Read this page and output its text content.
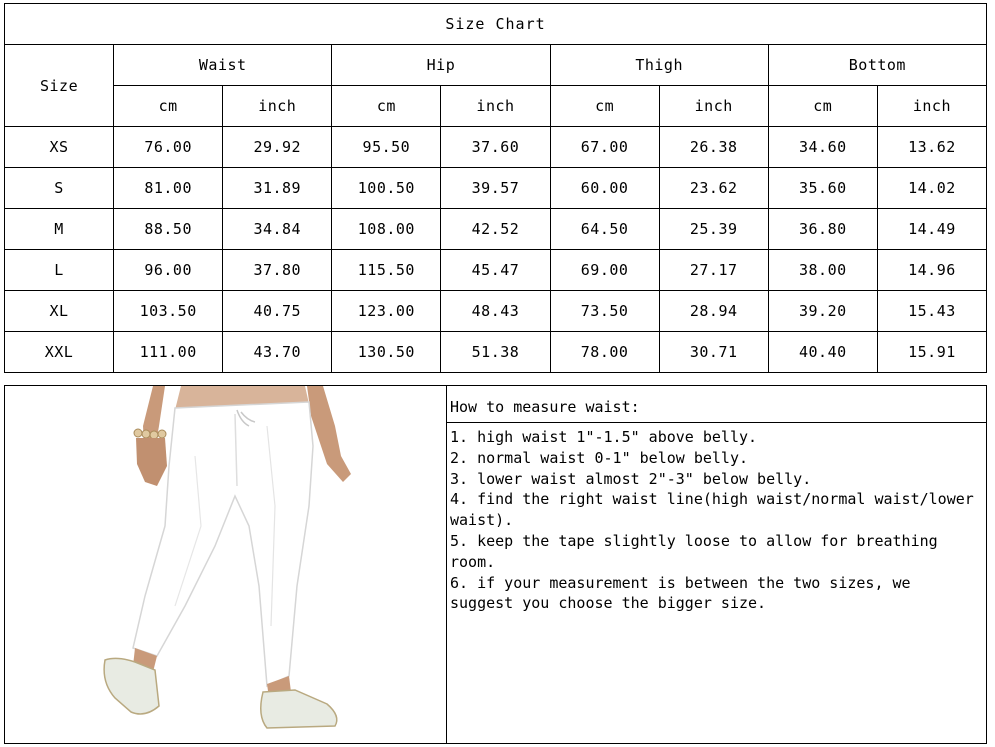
Size Chart								
Size	Waist		Hip		Thigh		Bottom	
	cm	inch	cm	inch	cm	inch	cm	inch
XS	76.00	29.92	95.50	37.60	67.00	26.38	34.60	13.62
S	81.00	31.89	100.50	39.57	60.00	23.62	35.60	14.02
M	88.50	34.84	108.00	42.52	64.50	25.39	36.80	14.49
L	96.00	37.80	115.50	45.47	69.00	27.17	38.00	14.96
XL	103.50	40.75	123.00	48.43	73.50	28.94	39.20	15.43
XXL	111.00	43.70	130.50	51.38	78.00	30.71	40.40	15.91
How to measure waist:

1. high waist 1"-1.5" above belly.

2. normal waist 0-1" below belly.

3. lower waist almost 2"-3" below belly.

4. find the right waist line(high waist/normal waist/lower waist).

5. keep the tape slightly loose to allow for breathing room.

6. if your measurement is between the two sizes, we suggest you choose the bigger size.
